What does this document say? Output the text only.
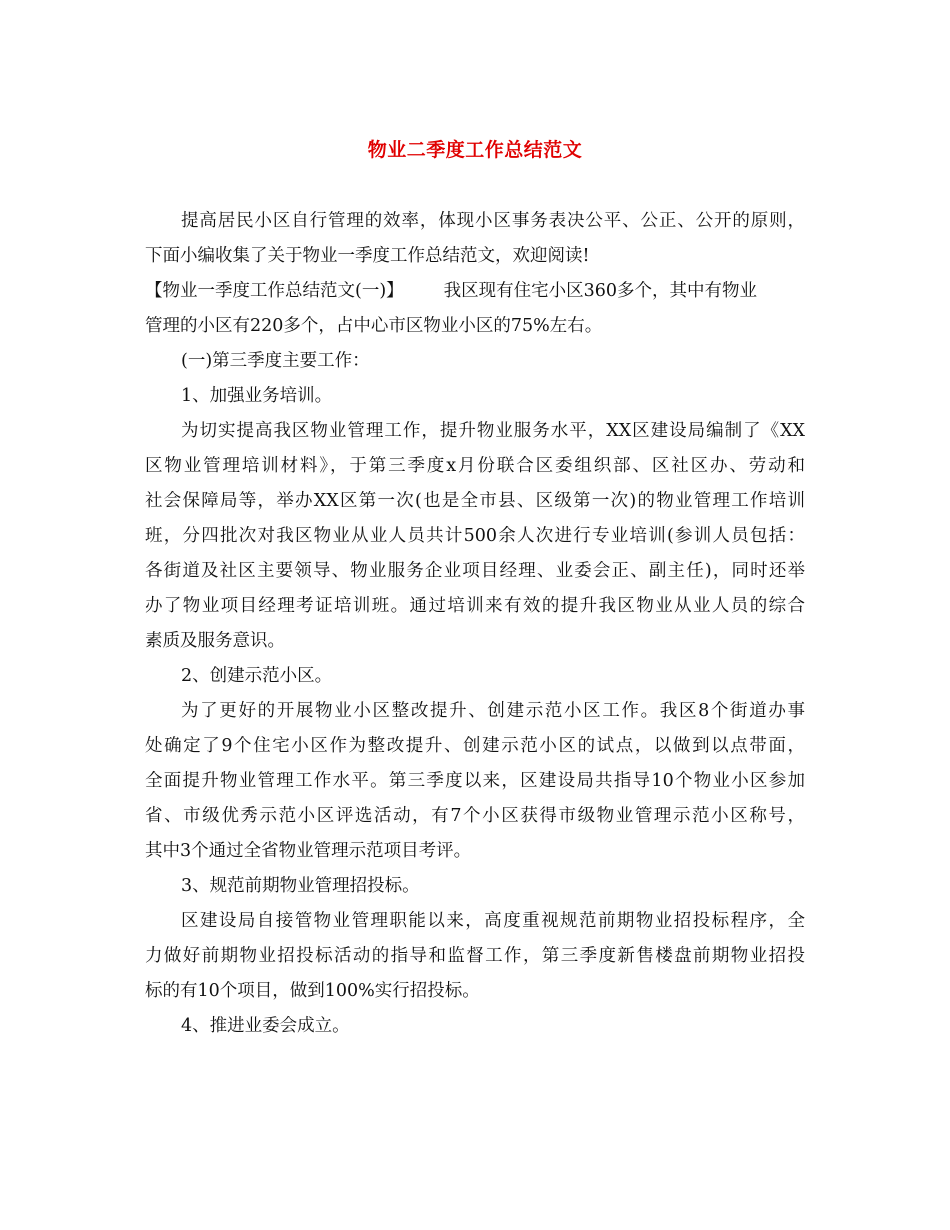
物业二季度工作总结范文
提高居民小区自行管理的效率，体现小区事务表决公平、公正、公开的原则，
下面小编收集了关于物业一季度工作总结范文，欢迎阅读!
【物业一季度工作总结范文(一)】 我区现有住宅小区360多个，其中有物业
管理的小区有220多个，占中心市区物业小区的75%左右。
(一)第三季度主要工作：
1、加强业务培训。
为切实提高我区物业管理工作，提升物业服务水平，XX区建设局编制了《XX
区物业管理培训材料》，于第三季度x月份联合区委组织部、区社区办、劳动和
社会保障局等，举办XX区第一次(也是全市县、区级第一次)的物业管理工作培训
班，分四批次对我区物业从业人员共计500余人次进行专业培训(参训人员包括：
各街道及社区主要领导、物业服务企业项目经理、业委会正、副主任)，同时还举
办了物业项目经理考证培训班。通过培训来有效的提升我区物业从业人员的综合
素质及服务意识。
2、创建示范小区。
为了更好的开展物业小区整改提升、创建示范小区工作。我区8个街道办事
处确定了9个住宅小区作为整改提升、创建示范小区的试点，以做到以点带面，
全面提升物业管理工作水平。第三季度以来，区建设局共指导10个物业小区参加
省、市级优秀示范小区评选活动，有7个小区获得市级物业管理示范小区称号，
其中3个通过全省物业管理示范项目考评。
3、规范前期物业管理招投标。
区建设局自接管物业管理职能以来，高度重视规范前期物业招投标程序，全
力做好前期物业招投标活动的指导和监督工作，第三季度新售楼盘前期物业招投
标的有10个项目，做到100%实行招投标。
4、推进业委会成立。
